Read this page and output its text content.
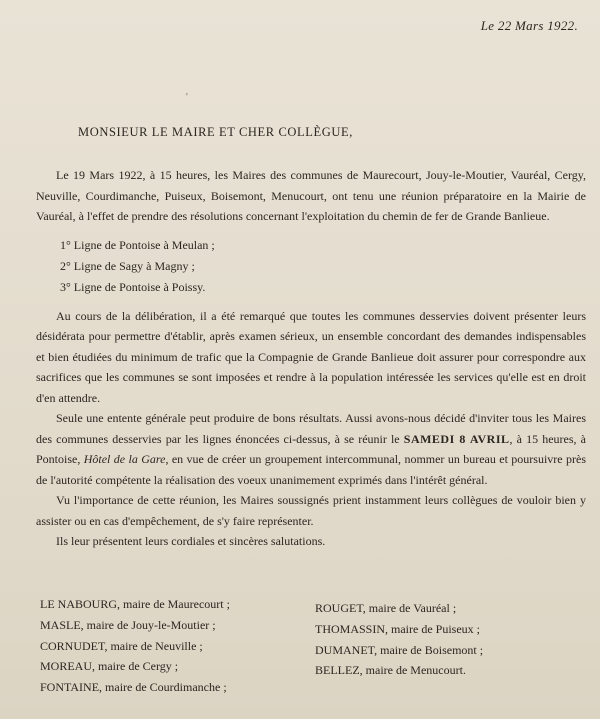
Le 22 Mars 1922.
'
MONSIEUR LE MAIRE ET CHER COLLÈGUE,

Le 19 Mars 1922, à 15 heures, les Maires des communes de Maurecourt, Jouy-le-Moutier, Vauréal, Cergy, Neuville, Courdimanche, Puiseux, Boisemont, Menucourt, ont tenu une réunion préparatoire en la Mairie de Vauréal, à l'effet de prendre des résolutions concernant l'exploitation du chemin de fer de Grande Banlieue.

1° Ligne de Pontoise à Meulan ;
2° Ligne de Sagy à Magny ;
3° Ligne de Pontoise à Poissy.

Au cours de la délibération, il a été remarqué que toutes les communes desservies doivent présenter leurs désidérata pour permettre d'établir, après examen sérieux, un ensemble concordant des demandes indispensables et bien étudiées du minimum de trafic que la Compagnie de Grande Banlieue doit assurer pour correspondre aux sacrifices que les communes se sont imposées et rendre à la population intéressée les services qu'elle est en droit d'en attendre.

Seule une entente générale peut produire de bons résultats. Aussi avons-nous décidé d'inviter tous les Maires des communes desservies par les lignes énoncées ci-dessus, à se réunir le SAMEDI 8 AVRIL, à 15 heures, à Pontoise, Hôtel de la Gare, en vue de créer un groupement intercommunal, nommer un bureau et poursuivre près de l'autorité compétente la réalisation des voeux unanimement exprimés dans l'intérêt général.

Vu l'importance de cette réunion, les Maires soussignés prient instamment leurs collègues de vouloir bien y assister ou en cas d'empêchement, de s'y faire représenter.

Ils leur présentent leurs cordiales et sincères salutations.

LE NABOURG, maire de Maurecourt ;
MASLE, maire de Jouy-le-Moutier ;
CORNUDET, maire de Neuville ;
MOREAU, maire de Cergy ;
FONTAINE, maire de Courdimanche ;
ROUGET, maire de Vauréal ;
THOMASSIN, maire de Puiseux ;
DUMANET, maire de Boisemont ;
BELLEZ, maire de Menucourt.
